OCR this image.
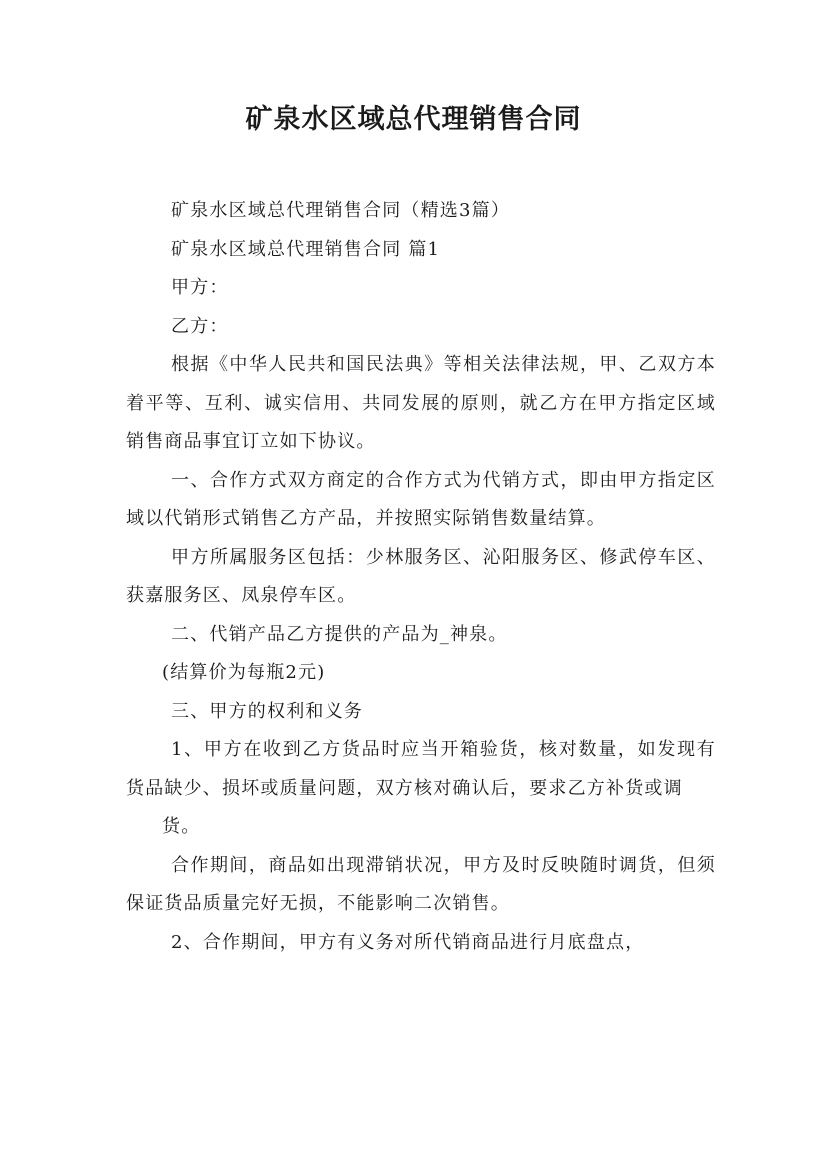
矿泉水区域总代理销售合同

矿泉水区域总代理销售合同（精选3篇）

矿泉水区域总代理销售合同 篇1

甲方：

乙方：

根据《中华人民共和国民法典》等相关法律法规，甲、乙双方本着平等、互利、诚实信用、共同发展的原则，就乙方在甲方指定区域销售商品事宜订立如下协议。

一、合作方式双方商定的合作方式为代销方式，即由甲方指定区域以代销形式销售乙方产品，并按照实际销售数量结算。

甲方所属服务区包括：少林服务区、沁阳服务区、修武停车区、获嘉服务区、凤泉停车区。

二、代销产品乙方提供的产品为_神泉。

(结算价为每瓶2元)

三、甲方的权利和义务

1、甲方在收到乙方货品时应当开箱验货，核对数量，如发现有货品缺少、损坏或质量问题，双方核对确认后，要求乙方补货或调

货。

合作期间，商品如出现滞销状况，甲方及时反映随时调货，但须保证货品质量完好无损，不能影响二次销售。

2、合作期间，甲方有义务对所代销商品进行月底盘点，
